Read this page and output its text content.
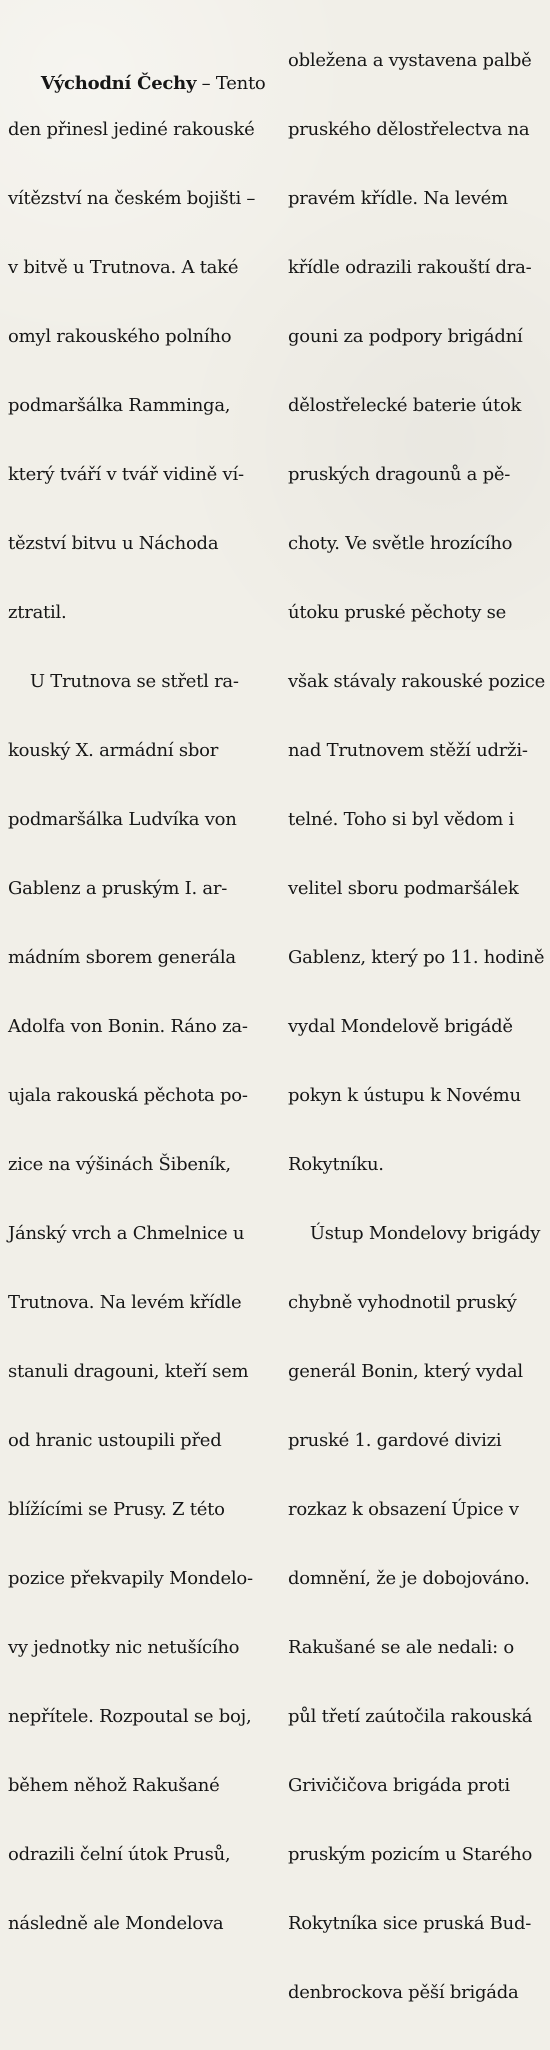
Východní Čechy – Tento

den přinesl jediné rakouské

vítězství na českém bojišti –

v bitvě u Trutnova. A také

omyl rakouského polního

podmaršálka Ramminga,

který tváří v tvář vidině ví-

tězství bitvu u Náchoda

ztratil.

U Trutnova se střetl ra-

kouský X. armádní sbor

podmaršálka Ludvíka von

Gablenz a pruským I. ar-

mádním sborem generála

Adolfa von Bonin. Ráno za-

ujala rakouská pěchota po-

zice na výšinách Šibeník,

Jánský vrch a Chmelnice u

Trutnova. Na levém křídle

stanuli dragouni, kteří sem

od hranic ustoupili před

blížícími se Prusy. Z této

pozice překvapily Mondelo-

vy jednotky nic netušícího

nepřítele. Rozpoutal se boj,

během něhož Rakušané

odrazili čelní útok Prusů,

následně ale Mondelova

obležena a vystavena palbě

pruského dělostřelectva na

pravém křídle. Na levém

křídle odrazili rakouští dra-

gouni za podpory brigádní

dělostřelecké baterie útok

pruských dragounů a pě-

choty. Ve světle hrozícího

útoku pruské pěchoty se

však stávaly rakouské pozice

nad Trutnovem stěží udrži-

telné. Toho si byl vědom i

velitel sboru podmaršálek

Gablenz, který po 11. hodině

vydal Mondelově brigádě

pokyn k ústupu k Novému

Rokytníku.

Ústup Mondelovy brigády

chybně vyhodnotil pruský

generál Bonin, který vydal

pruské 1. gardové divizi

rozkaz k obsazení Úpice v

domnění, že je dobojováno.

Rakušané se ale nedali: o

půl třetí zaútočila rakouská

Grivičičova brigáda proti

pruským pozicím u Starého

Rokytníka sice pruská Bud-

denbrockova pěší brigáda
